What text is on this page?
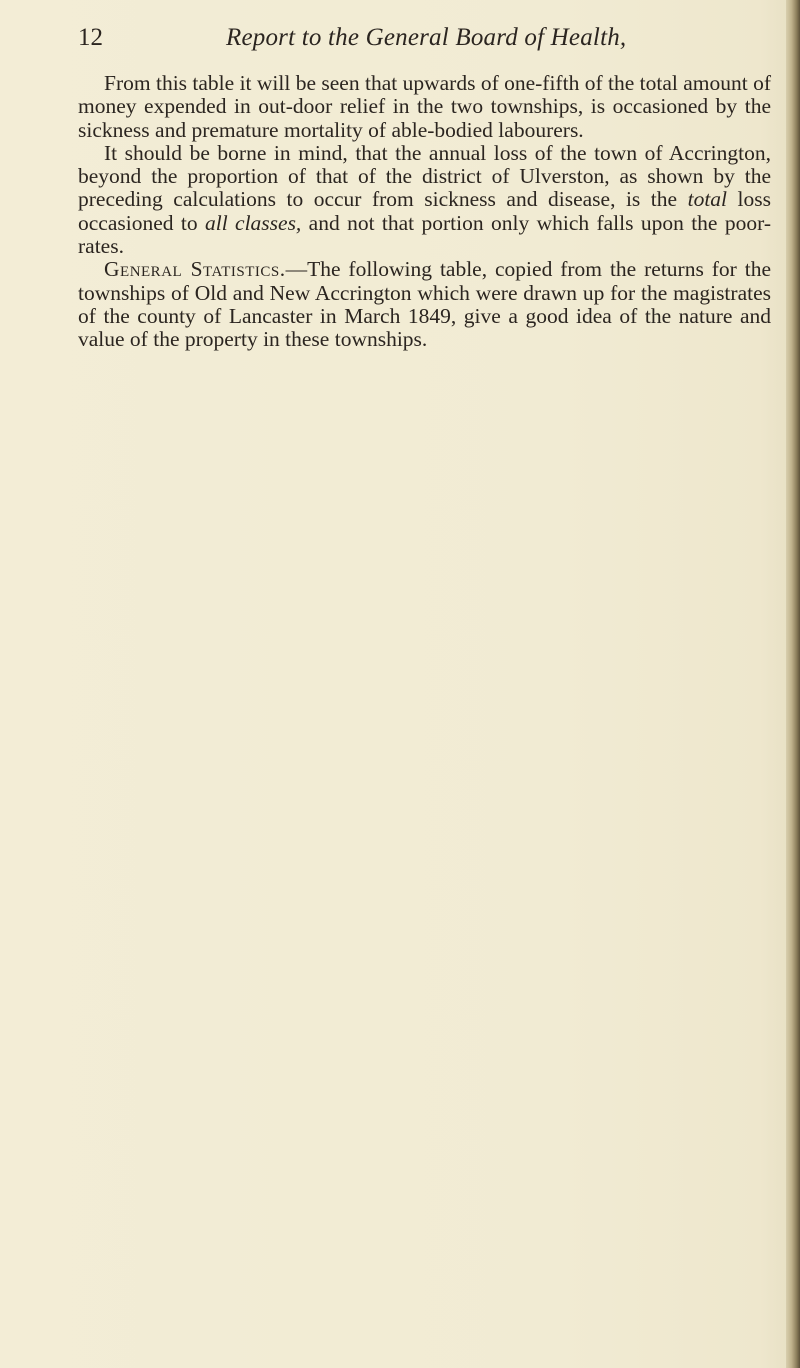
12	Report to the General Board of Health,

From this table it will be seen that upwards of one-fifth of the total amount of money expended in out-door relief in the two townships, is occasioned by the sickness and premature mortality of able-bodied labourers.

It should be borne in mind, that the annual loss of the town of Accrington, beyond the proportion of that of the district of Ulverston, as shown by the preceding calculations to occur from sickness and disease, is the total loss occasioned to all classes, and not that portion only which falls upon the poor-rates.

General Statistics.—The following table, copied from the returns for the townships of Old and New Accrington which were drawn up for the magistrates of the county of Lancaster in March 1849, give a good idea of the nature and value of the property in these townships.
